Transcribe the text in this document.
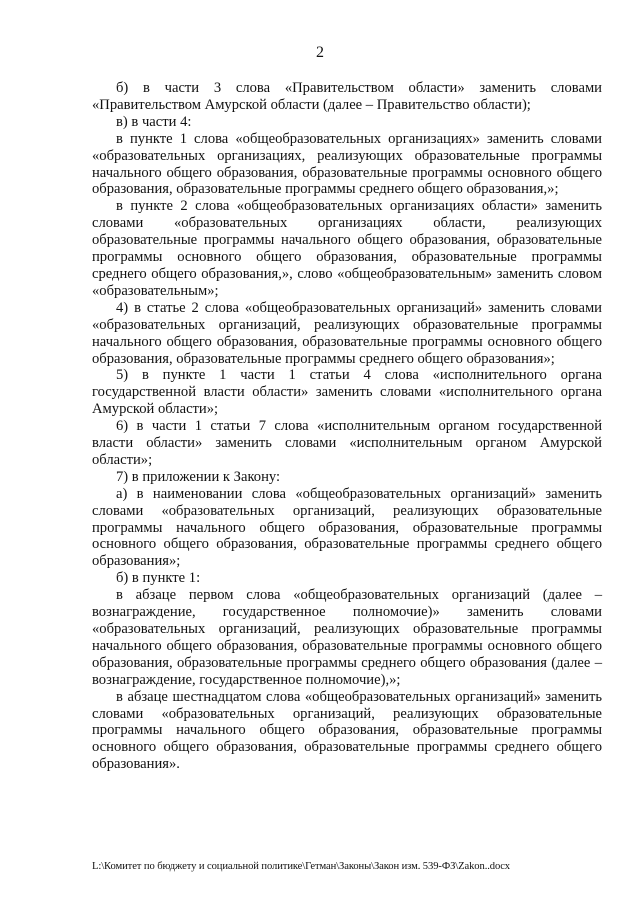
2

б) в части 3 слова «Правительством области» заменить словами «Правительством Амурской области (далее – Правительство области);

в) в части 4:

в пункте 1 слова «общеобразовательных организациях» заменить словами «образовательных организациях, реализующих образовательные программы начального общего образования, образовательные программы основного общего образования, образовательные программы среднего общего образования,»;

в пункте 2 слова «общеобразовательных организациях области» заменить словами «образовательных организациях области, реализующих образовательные программы начального общего образования, образовательные программы основного общего образования, образовательные программы среднего общего образования,», слово «общеобразовательным» заменить словом «образовательным»;

4) в статье 2 слова «общеобразовательных организаций» заменить словами «образовательных организаций, реализующих образовательные программы начального общего образования, образовательные программы основного общего образования, образовательные программы среднего общего образования»;

5) в пункте 1 части 1 статьи 4 слова «исполнительного органа государственной власти области» заменить словами «исполнительного органа Амурской области»;

6) в части 1 статьи 7 слова «исполнительным органом государственной власти области» заменить словами «исполнительным органом Амурской области»;

7) в приложении к Закону:

а) в наименовании слова «общеобразовательных организаций» заменить словами «образовательных организаций, реализующих образовательные программы начального общего образования, образовательные программы основного общего образования, образовательные программы среднего общего образования»;

б) в пункте 1:

в абзаце первом слова «общеобразовательных организаций (далее – вознаграждение, государственное полномочие)» заменить словами «образовательных организаций, реализующих образовательные программы начального общего образования, образовательные программы основного общего образования, образовательные программы среднего общего образования (далее – вознаграждение, государственное полномочие),»;

в абзаце шестнадцатом слова «общеобразовательных организаций» заменить словами «образовательных организаций, реализующих образовательные программы начального общего образования, образовательные программы основного общего образования, образовательные программы среднего общего образования».

L:\Комитет по бюджету и социальной политике\Гетман\Законы\Закон изм. 539-ФЗ\Zakon..docx
